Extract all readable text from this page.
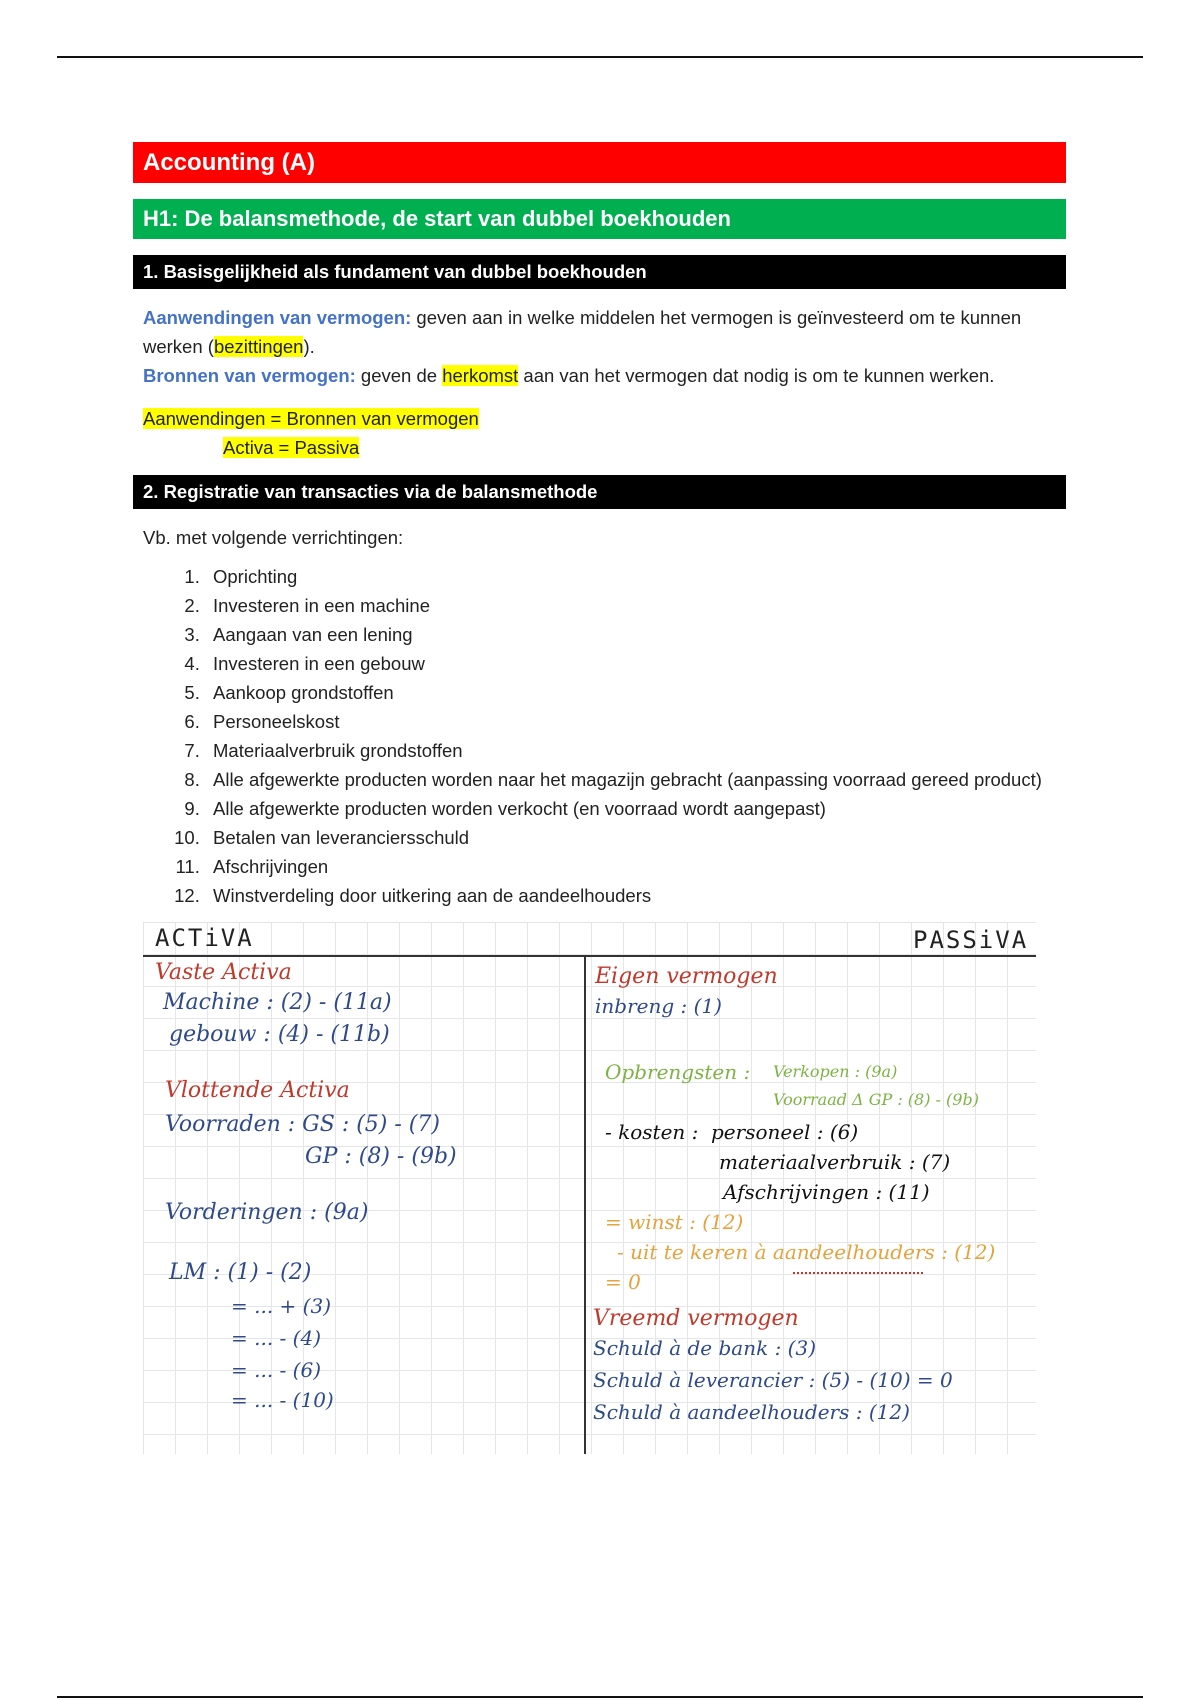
Accounting (A)
H1: De balansmethode, de start van dubbel boekhouden
1. Basisgelijkheid als fundament van dubbel boekhouden
Aanwendingen van vermogen: geven aan in welke middelen het vermogen is geïnvesteerd om te kunnen werken (bezittingen).
Bronnen van vermogen: geven de herkomst aan van het vermogen dat nodig is om te kunnen werken.
Aanwendingen = Bronnen van vermogen
Activa = Passiva
2. Registratie van transacties via de balansmethode
Vb. met volgende verrichtingen:
1. Oprichting
2. Investeren in een machine
3. Aangaan van een lening
4. Investeren in een gebouw
5. Aankoop grondstoffen
6. Personeelskost
7. Materiaalverbruik grondstoffen
8. Alle afgewerkte producten worden naar het magazijn gebracht (aanpassing voorraad gereed product)
9. Alle afgewerkte producten worden verkocht (en voorraad wordt aangepast)
10. Betalen van leveranciersschuld
11. Afschrijvingen
12. Winstverdeling door uitkering aan de aandeelhouders
ACTiVA
Vaste Activa
Machine : (2) - (11a)
gebouw : (4) - (11b)
Vlottende Activa
Voorraden : GS : (5) - (7)
GP : (8) - (9b)
Vorderingen : (9a)
LM : (1) - (2)
= ... + (3)
= ... - (4)
= ... - (6)
= ... - (10)
PASSiVA
Eigen vermogen
inbreng : (1)
Opbrengsten : Verkopen : (9a)
Voorraad Δ GP : (8) - (9b)
- kosten : personeel : (6)
materiaalverbruik : (7)
Afschrijvingen : (11)
= winst : (12)
- uit te keren à aandeelhouders : (12)
= 0
Vreemd vermogen
Schuld à de bank : (3)
Schuld à leverancier : (5) - (10) = 0
Schuld à aandeelhouders : (12)
